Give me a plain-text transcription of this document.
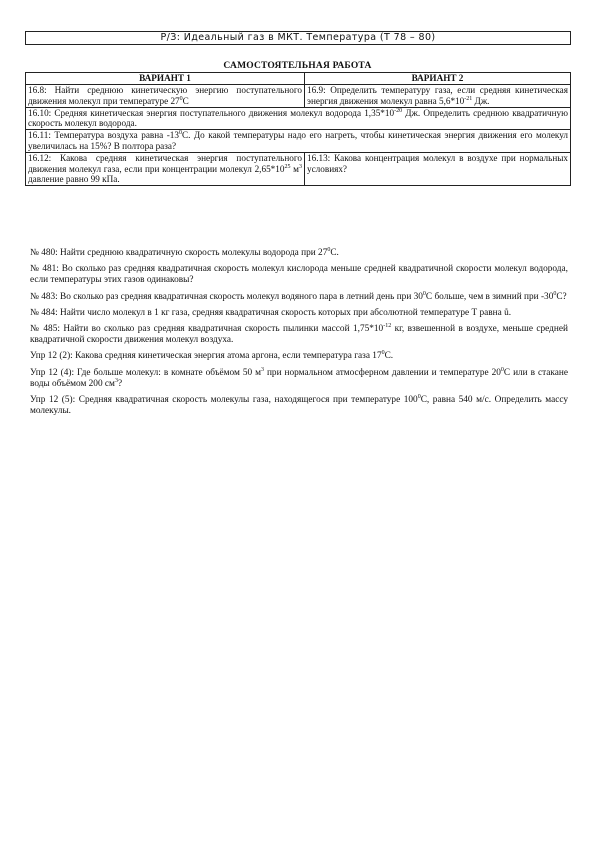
Р/З: Идеальный газ в МКТ. Температура (Т 78 – 80)
САМОСТОЯТЕЛЬНАЯ РАБОТА
ВАРИАНТ 1	ВАРИАНТ 2
16.8: Найти среднюю кинетическую энергию поступательного движения молекул при температуре $27^0С$	16.9: Определить температуру газа, если средняя кинетическая энергия движения молекул равна $5,6*10^{-21}$ Дж.
16.10: Средняя кинетическая энергия поступательного движения молекул водорода $1,35*10^{-20}$ Дж. Определить среднюю квадратичную скорость молекул водорода.	
16.11: Температура воздуха равна $-13^0С$. До какой температуры надо его нагреть, чтобы кинетическая энергия движения его молекул увеличилась на 15%? В полтора раза?	
16.12: Какова средняя кинетическая энергия поступательного движения молекул газа, если при концентрации молекул $2,65*10^{25}$ $м^3$ давление равно 99 кПа.	16.13: Какова концентрация молекул в воздухе при нормальных условиях?

№ 480: Найти среднюю квадратичную скорость молекулы водорода при $27^0С$.

№ 481: Во сколько раз средняя квадратичная скорость молекул кислорода меньше средней квадратичной скорости молекул водорода, если температуры этих газов одинаковы?

№ 483: Во сколько раз средняя квадратичная скорость молекул водяного пара в летний день при $30^0С$ больше, чем в зимний при $-30^0С$?

№ 484: Найти число молекул в 1 кг газа, средняя квадратичная скорость которых при абсолютной температуре Т равна ů.

№ 485: Найти во сколько раз средняя квадратичная скорость пылинки массой $1,75*10^{-12}$ кг, взвешенной в воздухе, меньше средней квадратичной скорости движения молекул воздуха.

Упр 12 (2): Какова средняя кинетическая энергия атома аргона, если температура газа $17^0С$.

Упр 12 (4): Где больше молекул: в комнате объёмом 50 $м^3$ при нормальном атмосферном давлении и температуре $20^0С$ или в стакане воды объёмом 200 $см^3$?

Упр 12 (5): Средняя квадратичная скорость молекулы газа, находящегося при температуре $100^0С$, равна 540 м/с. Определить массу молекулы.
